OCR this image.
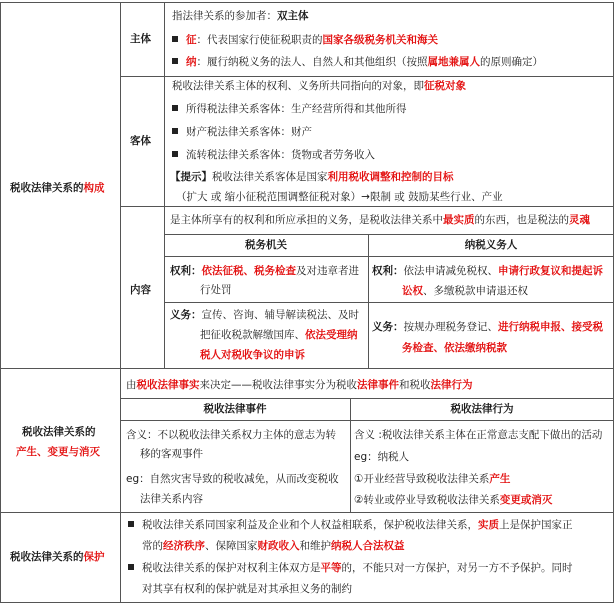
税收法律关系的构成
主体
指法律关系的参加者：双主体
征：代表国家行使征税职责的国家各级税务机关和海关
纳：履行纳税义务的法人、自然人和其他组织（按照属地兼属人的原则确定）
客体
税收法律关系主体的权利、义务所共同指向的对象，即征税对象
所得税法律关系客体：生产经营所得和其他所得
财产税法律关系客体：财产
流转税法律关系客体：货物或者劳务收入
【提示】税收法律关系客体是国家利用税收调整和控制的目标
（扩大 或 缩小征税范围调整征税对象）→限制 或 鼓励某些行业、产业
内容
是主体所享有的权利和所应承担的义务，是税收法律关系中最实质的东西，也是税法的灵魂
税务机关	纳税义务人
权利：依法征税、税务检查及对违章者进
行处罚
义务：宣传、咨询、辅导解读税法、及时
把征收税款解缴国库、依法受理纳
税人对税收争议的申诉
权利：依法申请减免税权、申请行政复议和提起诉
讼权、多缴税款申请退还权
义务：按规办理税务登记、进行纳税申报、接受税
务检查、依法缴纳税款
税收法律关系的
产生、变更与消灭
由税收法律事实来决定——税收法律事实分为税收法律事件和税收法律行为
税收法律事件	税收法律行为
含义：不以税收法律关系权力主体的意志为转
移的客观事件
eg：自然灾害导致的税收减免，从而改变税收
法律关系内容
含义 :税收法律关系主体在正常意志支配下做出的活动
eg：纳税人
①开业经营导致税收法律关系产生
②转业或停业导致税收法律关系变更或消灭
税收法律关系的保护
税收法律关系同国家利益及企业和个人权益相联系，保护税收法律关系，实质上是保护国家正
常的经济秩序、保障国家财政收入和维护纳税人合法权益
税收法律关系的保护对权利主体双方是平等的，不能只对一方保护，对另一方不予保护。同时
对其享有权利的保护就是对其承担义务的制约
